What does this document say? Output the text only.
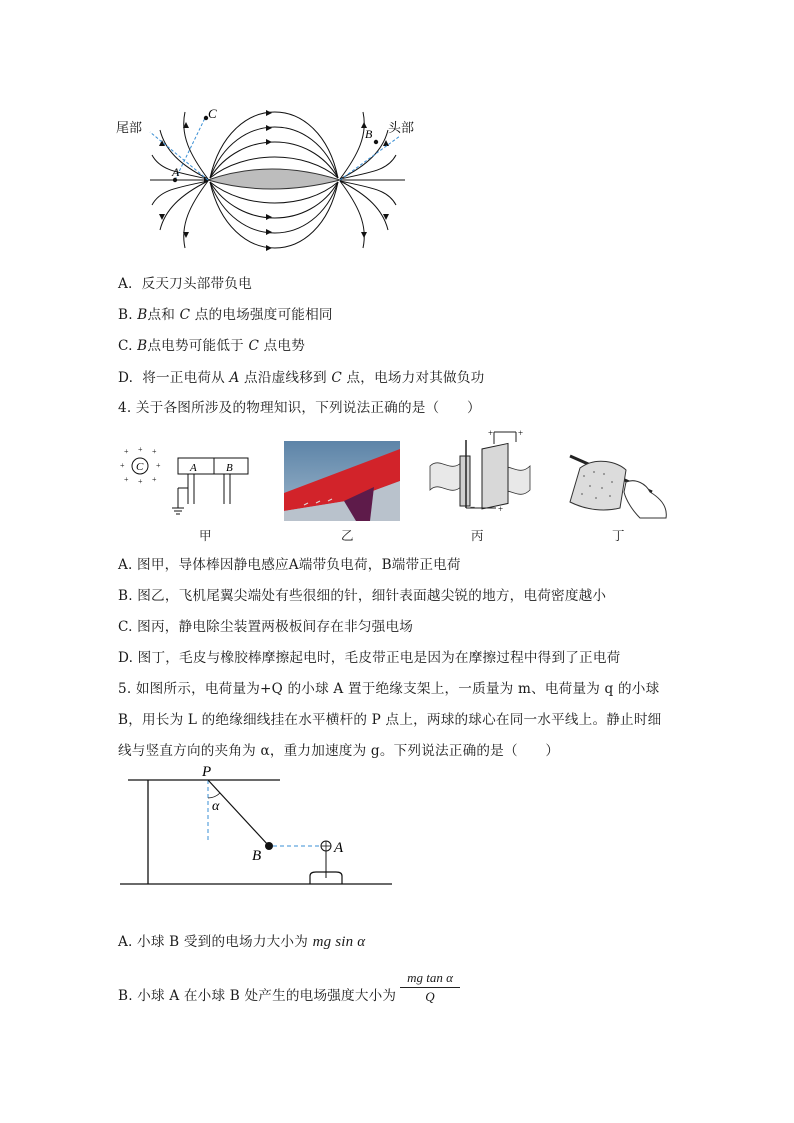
尾部	头部
A
C
B
A. 反天刀头部带负电
B. B点和 C 点的电场强度可能相同
C. B点电势可能低于 C 点电势
D. 将一正电荷从 A 点沿虚线移到 C 点，电场力对其做负功
4. 关于各图所涉及的物理知识，下列说法正确的是（　　）
C
+ + +
+	+
+ + +
A	B
甲	乙
+	+
−	+
丙	丁
A. 图甲，导体棒因静电感应A端带负电荷，B端带正电荷
B. 图乙，飞机尾翼尖端处有些很细的针，细针表面越尖锐的地方，电荷密度越小
C. 图丙，静电除尘装置两极板间存在非匀强电场
D. 图丁，毛皮与橡胶棒摩擦起电时，毛皮带正电是因为在摩擦过程中得到了正电荷
5. 如图所示，电荷量为+Q 的小球 A 置于绝缘支架上，一质量为 m、电荷量为 q 的小球
B，用长为 L 的绝缘细线挂在水平横杆的 P 点上，两球的球心在同一水平线上。静止时细
线与竖直方向的夹角为 α，重力加速度为 g。下列说法正确的是（　　）
P
α
B	A
A. 小球 B 受到的电场力大小为 mg sin α
B. 小球 A 在小球 B 处产生的电场强度大小为 $\frac{\text{mg tan α}}{Q}$
